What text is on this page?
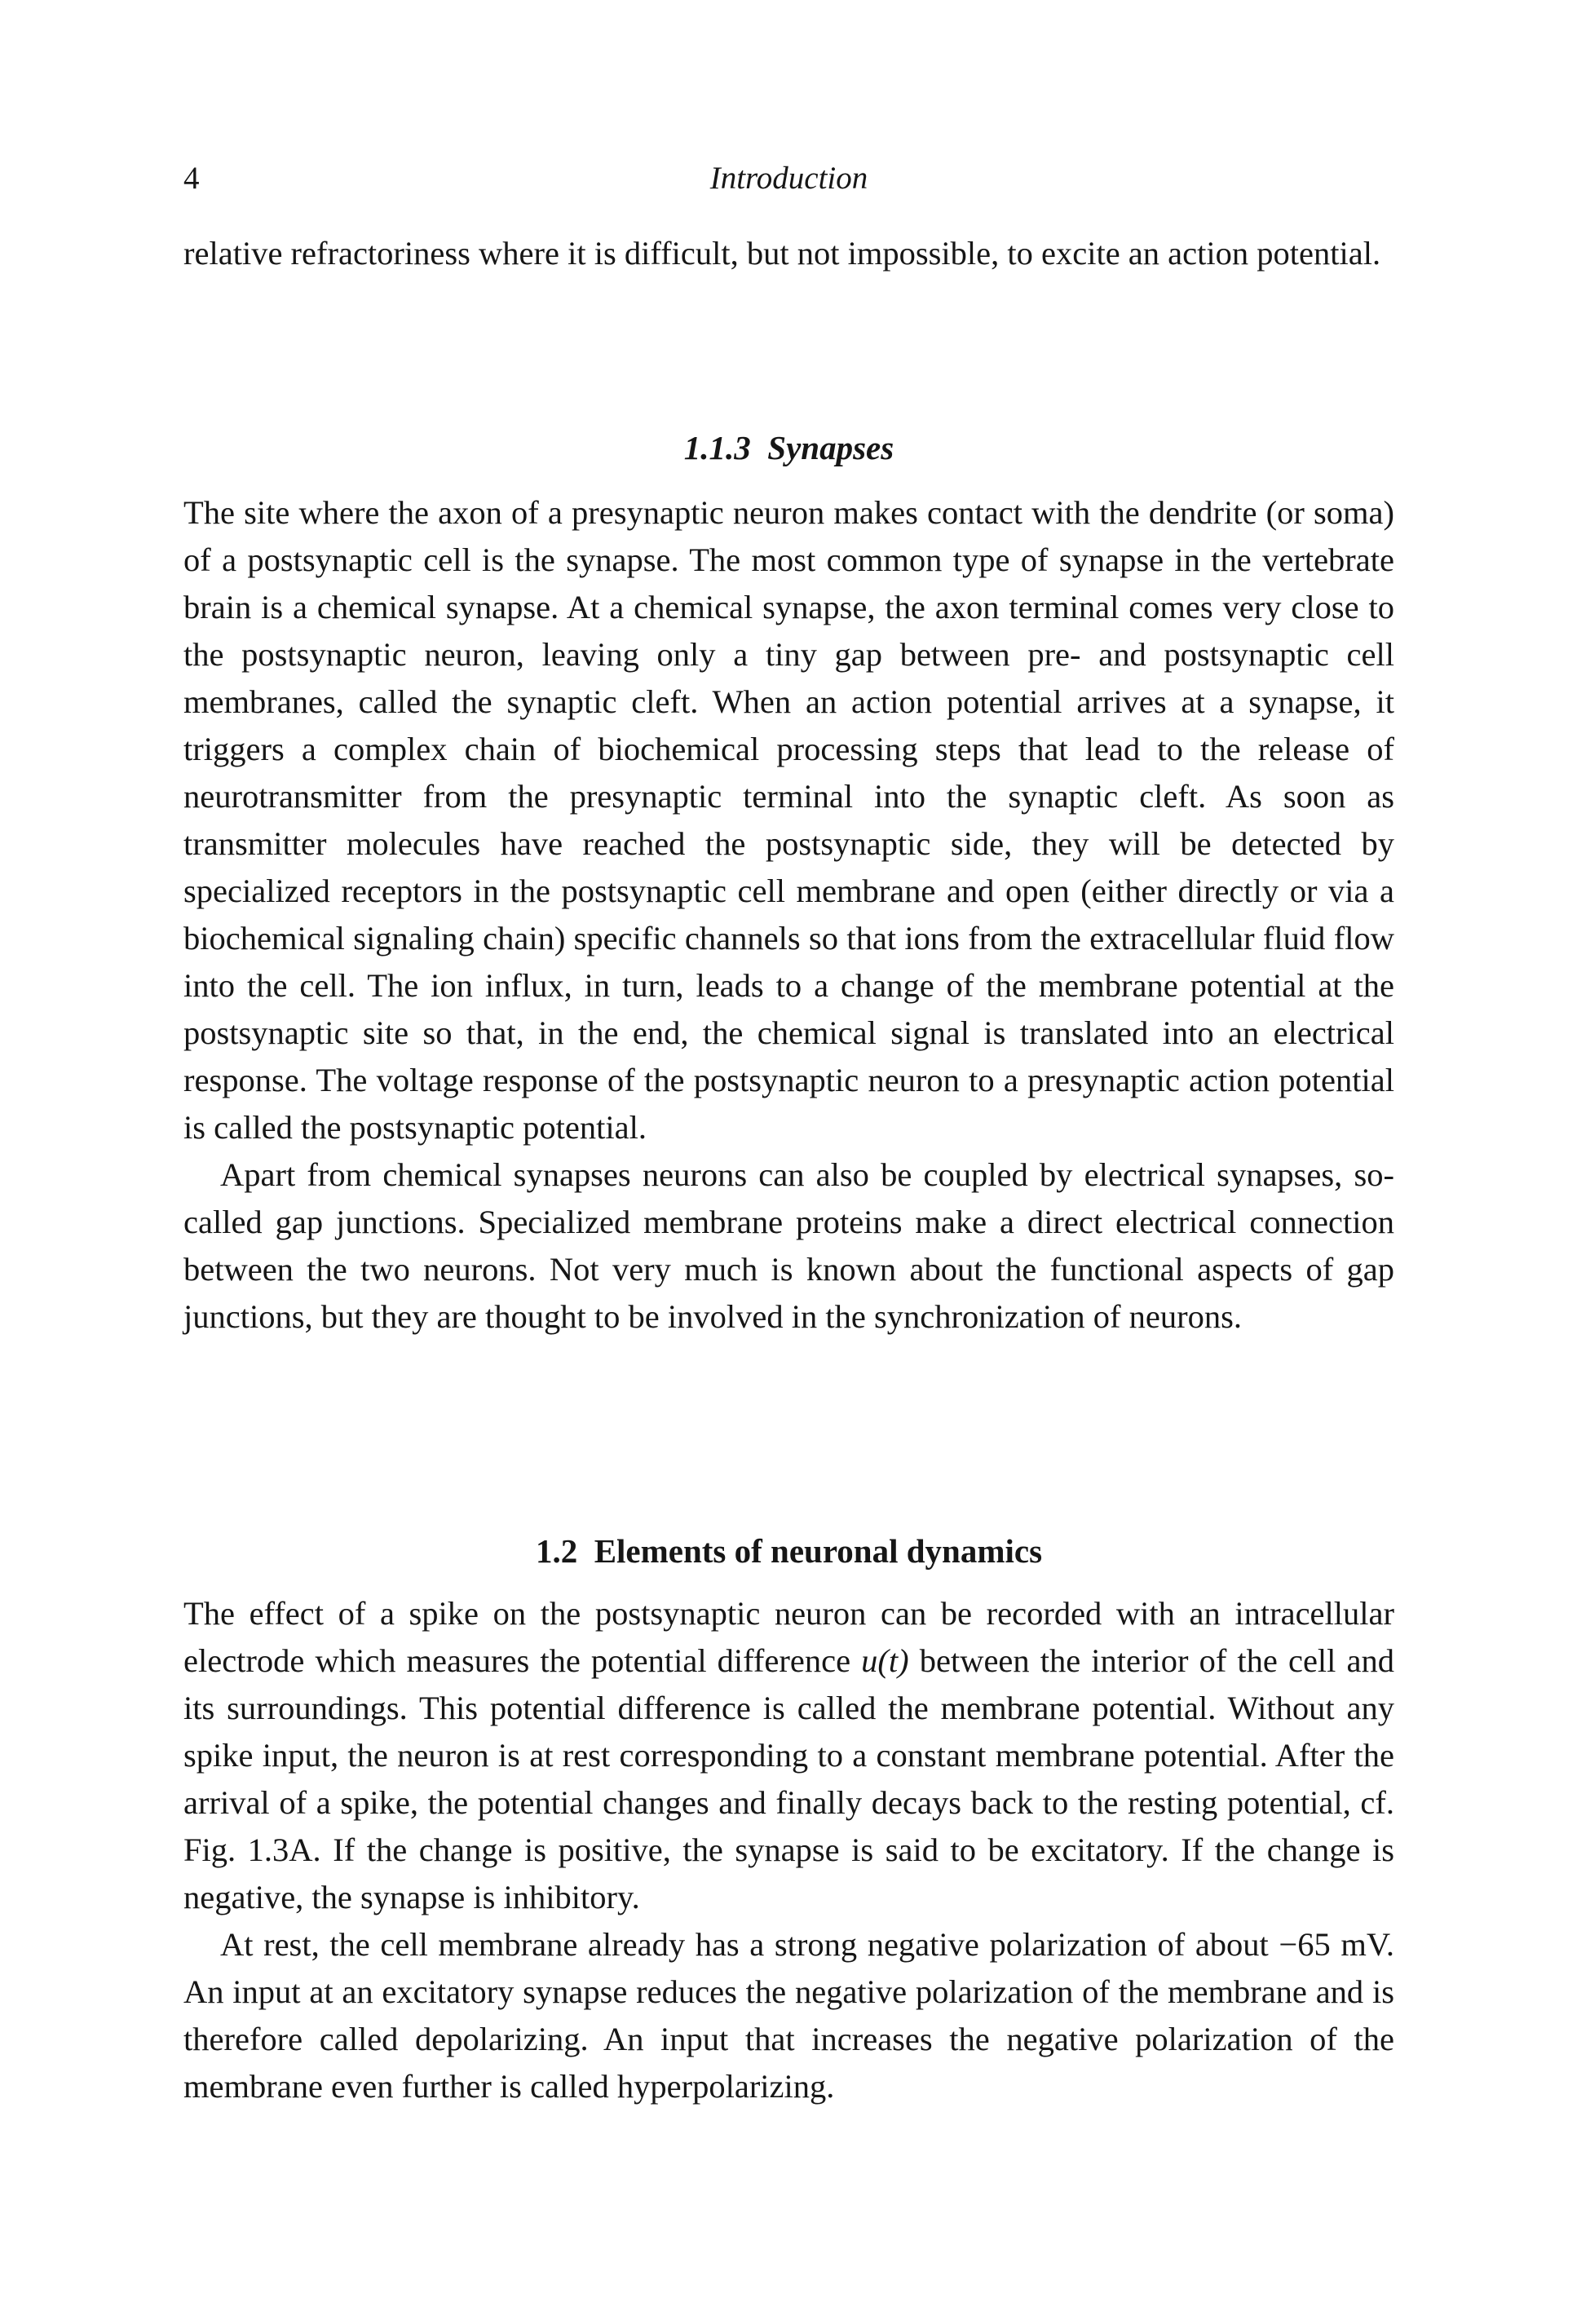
4	Introduction

relative refractoriness where it is difficult, but not impossible, to excite an action potential.

1.1.3 Synapses

The site where the axon of a presynaptic neuron makes contact with the dendrite (or soma) of a postsynaptic cell is the synapse. The most common type of synapse in the vertebrate brain is a chemical synapse. At a chemical synapse, the axon terminal comes very close to the postsynaptic neuron, leaving only a tiny gap between pre- and postsynaptic cell membranes, called the synaptic cleft. When an action potential arrives at a synapse, it triggers a complex chain of biochemical processing steps that lead to the release of neurotransmitter from the presynaptic terminal into the synaptic cleft. As soon as transmitter molecules have reached the postsynaptic side, they will be detected by specialized receptors in the postsynaptic cell membrane and open (either directly or via a biochemical signaling chain) specific channels so that ions from the extracellular fluid flow into the cell. The ion influx, in turn, leads to a change of the membrane potential at the postsynaptic site so that, in the end, the chemical signal is translated into an electrical response. The voltage response of the postsynaptic neuron to a presynaptic action potential is called the postsynaptic potential.

Apart from chemical synapses neurons can also be coupled by electrical synapses, so-called gap junctions. Specialized membrane proteins make a direct electrical connection between the two neurons. Not very much is known about the functional aspects of gap junctions, but they are thought to be involved in the synchronization of neurons.

1.2 Elements of neuronal dynamics

The effect of a spike on the postsynaptic neuron can be recorded with an intracellular electrode which measures the potential difference u(t) between the interior of the cell and its surroundings. This potential difference is called the membrane potential. Without any spike input, the neuron is at rest corresponding to a constant membrane potential. After the arrival of a spike, the potential changes and finally decays back to the resting potential, cf. Fig. 1.3A. If the change is positive, the synapse is said to be excitatory. If the change is negative, the synapse is inhibitory.

At rest, the cell membrane already has a strong negative polarization of about −65 mV. An input at an excitatory synapse reduces the negative polarization of the membrane and is therefore called depolarizing. An input that increases the negative polarization of the membrane even further is called hyperpolarizing.
